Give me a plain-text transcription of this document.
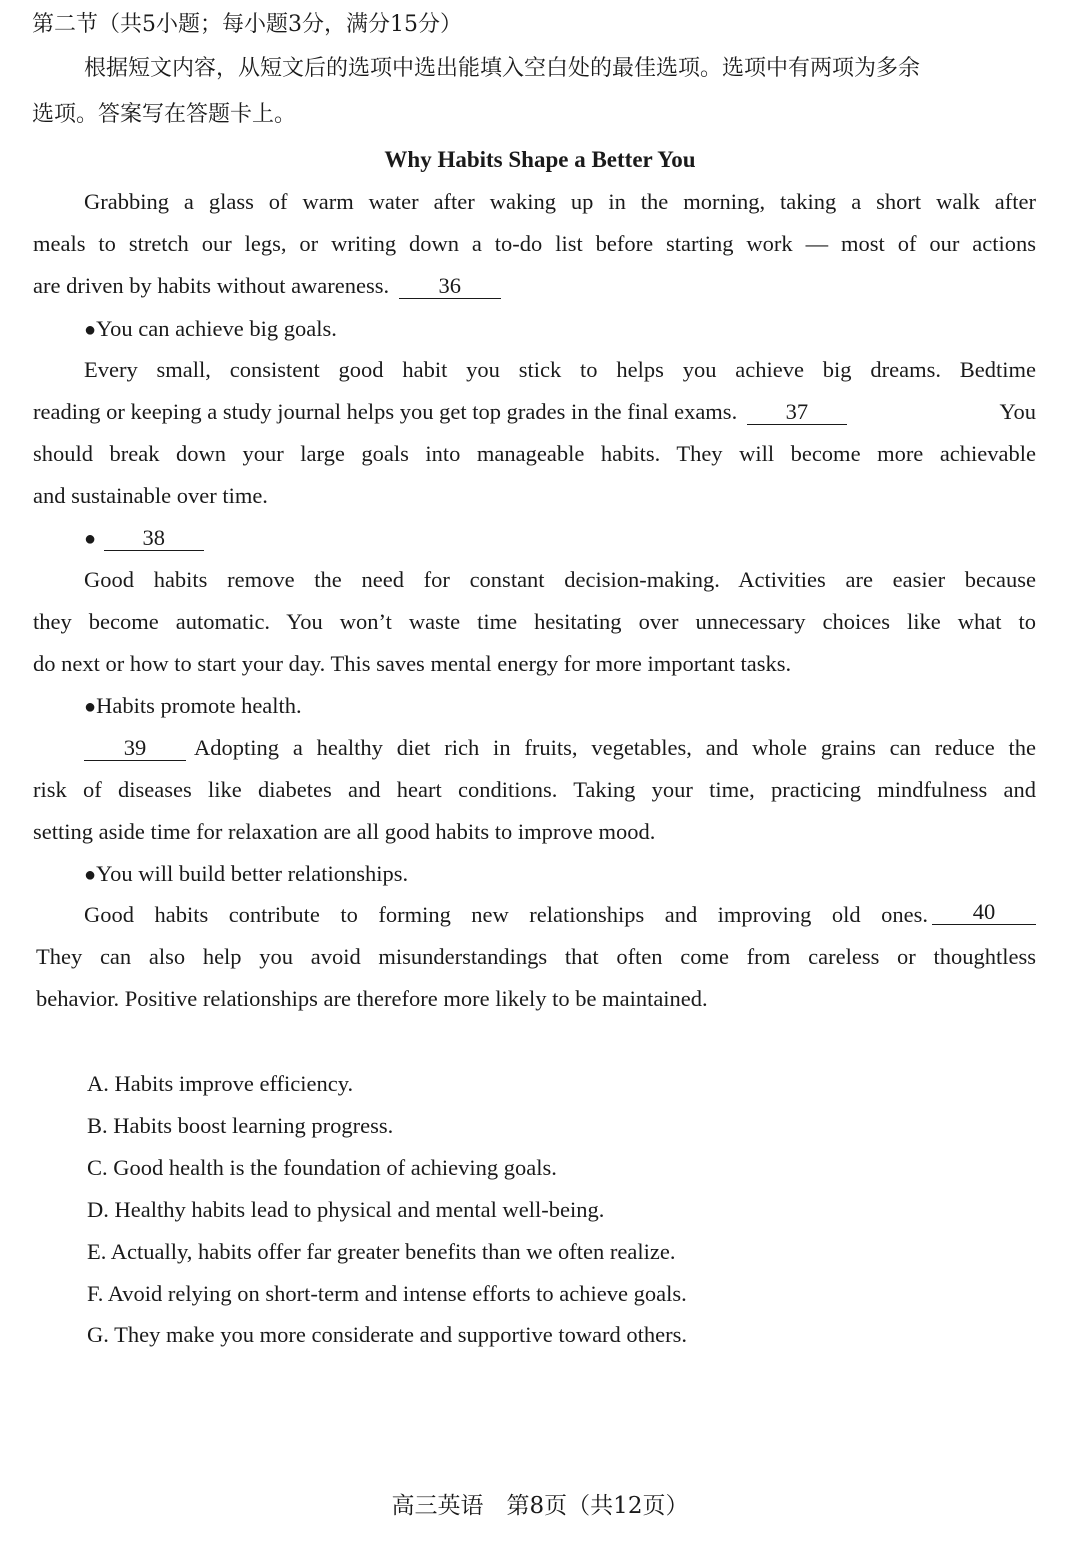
第二节（共5小题；每小题3分，满分15分）
根据短文内容，从短文后的选项中选出能填入空白处的最佳选项。选项中有两项为多余
选项。答案写在答题卡上。
Why Habits Shape a Better You
Grabbing a glass of warm water after waking up in the morning, taking a short walk after
meals to stretch our legs, or writing down a to-do list before starting work — most of our actions
are driven by habits without awareness. 36
●You can achieve big goals.
Every small, consistent good habit you stick to helps you achieve big dreams. Bedtime
reading or keeping a study journal helps you get top grades in the final exams. 37	You
should break down your large goals into manageable habits. They will become more achievable
and sustainable over time.
● 38
Good habits remove the need for constant decision-making. Activities are easier because
they become automatic. You won’t waste time hesitating over unnecessary choices like what to
do next or how to start your day. This saves mental energy for more important tasks.
●Habits promote health.
39 Adopting a healthy diet rich in fruits, vegetables, and whole grains can reduce the
risk of diseases like diabetes and heart conditions. Taking your time, practicing mindfulness and
setting aside time for relaxation are all good habits to improve mood.
●You will build better relationships.
Good habits contribute to forming new relationships and improving old ones.	40
They can also help you avoid misunderstandings that often come from careless or thoughtless
behavior. Positive relationships are therefore more likely to be maintained.
A. Habits improve efficiency.
B. Habits boost learning progress.
C. Good health is the foundation of achieving goals.
D. Healthy habits lead to physical and mental well-being.
E. Actually, habits offer far greater benefits than we often realize.
F. Avoid relying on short-term and intense efforts to achieve goals.
G. They make you more considerate and supportive toward others.
高三英语　第8页（共12页）
